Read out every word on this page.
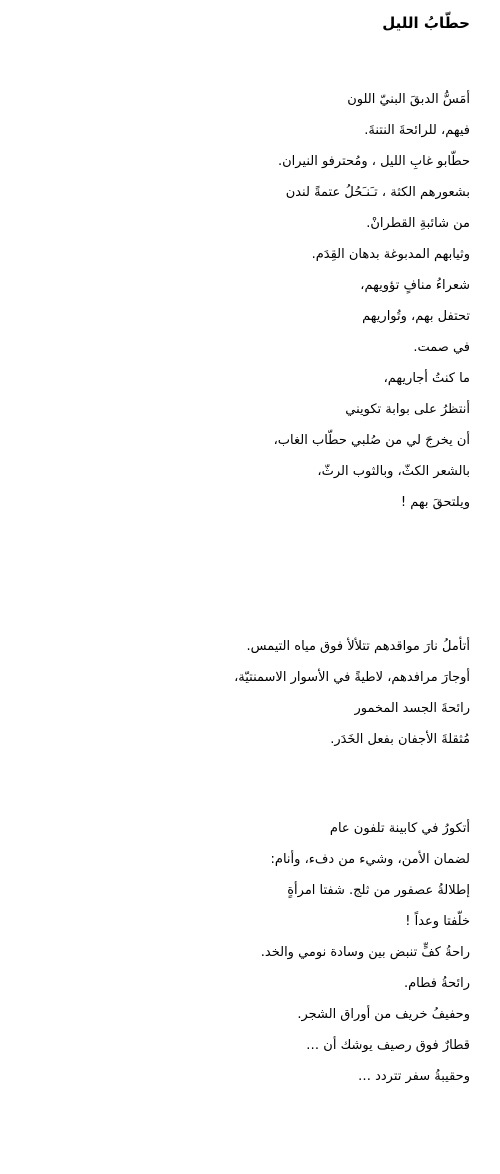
حطّابُ الليل
أمَسُّ الدبقَ البنيّ اللون
فيهم، للرائحةَ النتنةَ.
حطّابو غابِ الليل ، ومُحترفو النيران.
بشعورهم الكثة ، تـَنـَحُلُ عتمةً لندن
من شائبةِ القطرانْ.
وثيابهم المدبوغة بدهان القِدَم.
شعراءُ منافٍ تؤويهم،
تحتفل بهم، وتُواريهم
في صمت.
ما كنتُ أجاريهم،
أنتظرُ على بوابة تكويني
أن يخرجَ لي من صُلبي حطّاب الغاب،
بالشعر الكثّ، وبالثوب الرثّ،
ويلتحقَ بهم !
أتأملُ نارَ مواقدهم تتلألأ فوق مياه التيمس.
أوجارَ مرافدهم، لاطيةً في الأسوار الاسمنتيّة،
رائحةَ الجسد المخمور
مُثقلةَ الأجفان بفعل الخَدَر.
أتكورُ في كابينة تلفون عام
لضمان الأمن، وشيء من دفء، وأنام:
إطلالةُ عصفور من ثلج. شفتا امرأةٍ
خلّفتا وعداً !
راحةُ كفٍّ تنبض بين وسادة نومي والخد.
رائحةُ فطام.
وحفيفُ خريف من أوراق الشجر.
قطارٌ فوق رصيف يوشك أن …
وحقيبةُ سفر تتردد …
